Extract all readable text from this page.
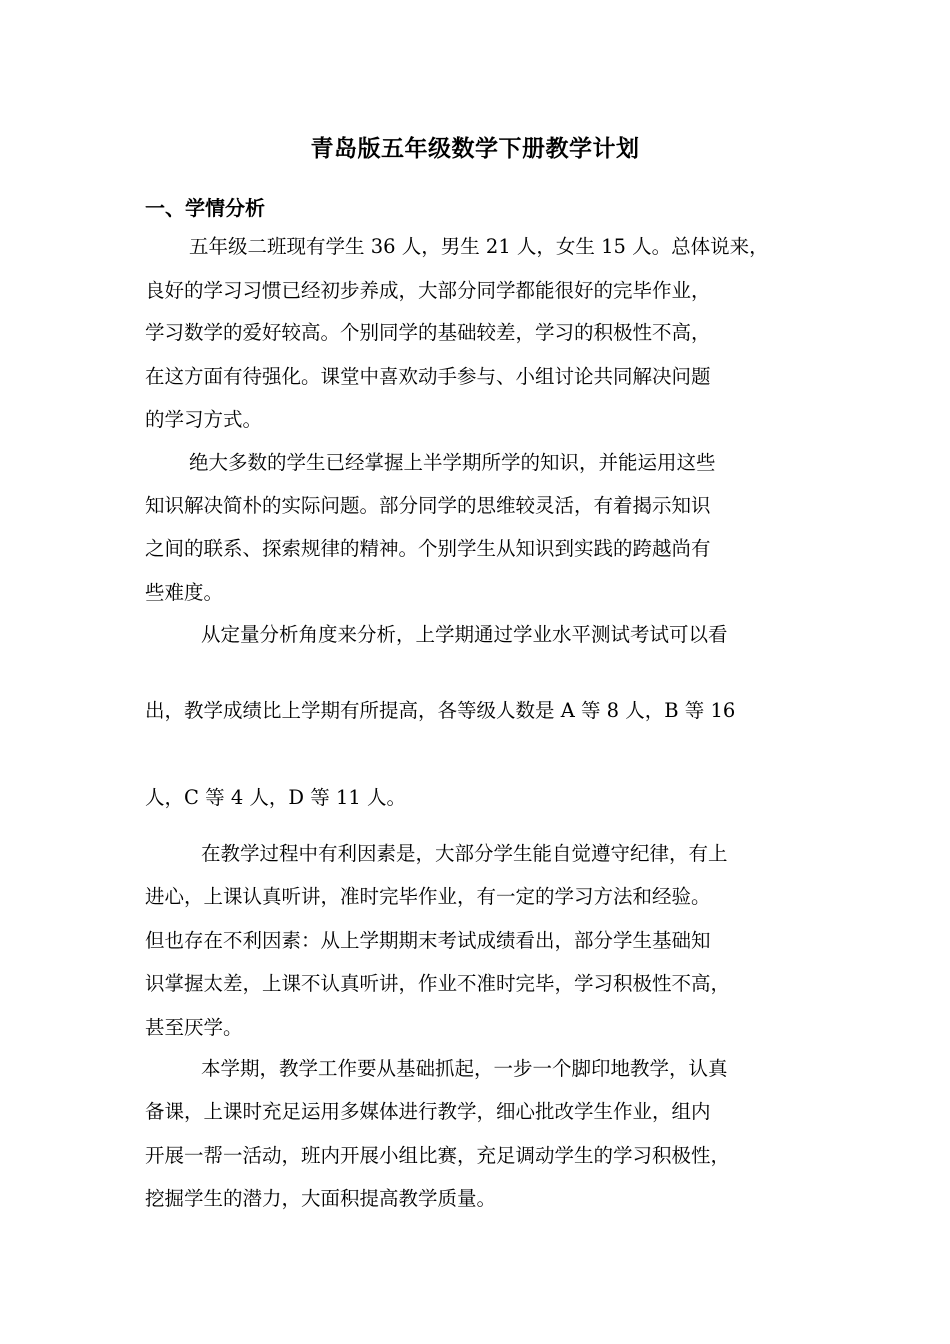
青岛版五年级数学下册教学计划
一、学情分析
五年级二班现有学生 36 人，男生 21 人，女生 15 人。总体说来，
良好的学习习惯已经初步养成，大部分同学都能很好的完毕作业，
学习数学的爱好较高。个别同学的基础较差，学习的积极性不高，
在这方面有待强化。课堂中喜欢动手参与、小组讨论共同解决问题
的学习方式。
绝大多数的学生已经掌握上半学期所学的知识，并能运用这些
知识解决简朴的实际问题。部分同学的思维较灵活，有着揭示知识
之间的联系、探索规律的精神。个别学生从知识到实践的跨越尚有
些难度。
从定量分析角度来分析，上学期通过学业水平测试考试可以看
出，教学成绩比上学期有所提高，各等级人数是 A 等 8 人，B 等 16
人，C 等 4 人，D 等 11 人。
在教学过程中有利因素是，大部分学生能自觉遵守纪律，有上
进心，上课认真听讲，准时完毕作业，有一定的学习方法和经验。
但也存在不利因素：从上学期期末考试成绩看出，部分学生基础知
识掌握太差，上课不认真听讲，作业不准时完毕，学习积极性不高，
甚至厌学。
本学期，教学工作要从基础抓起，一步一个脚印地教学，认真
备课，上课时充足运用多媒体进行教学，细心批改学生作业，组内
开展一帮一活动，班内开展小组比赛，充足调动学生的学习积极性，
挖掘学生的潜力，大面积提高教学质量。
